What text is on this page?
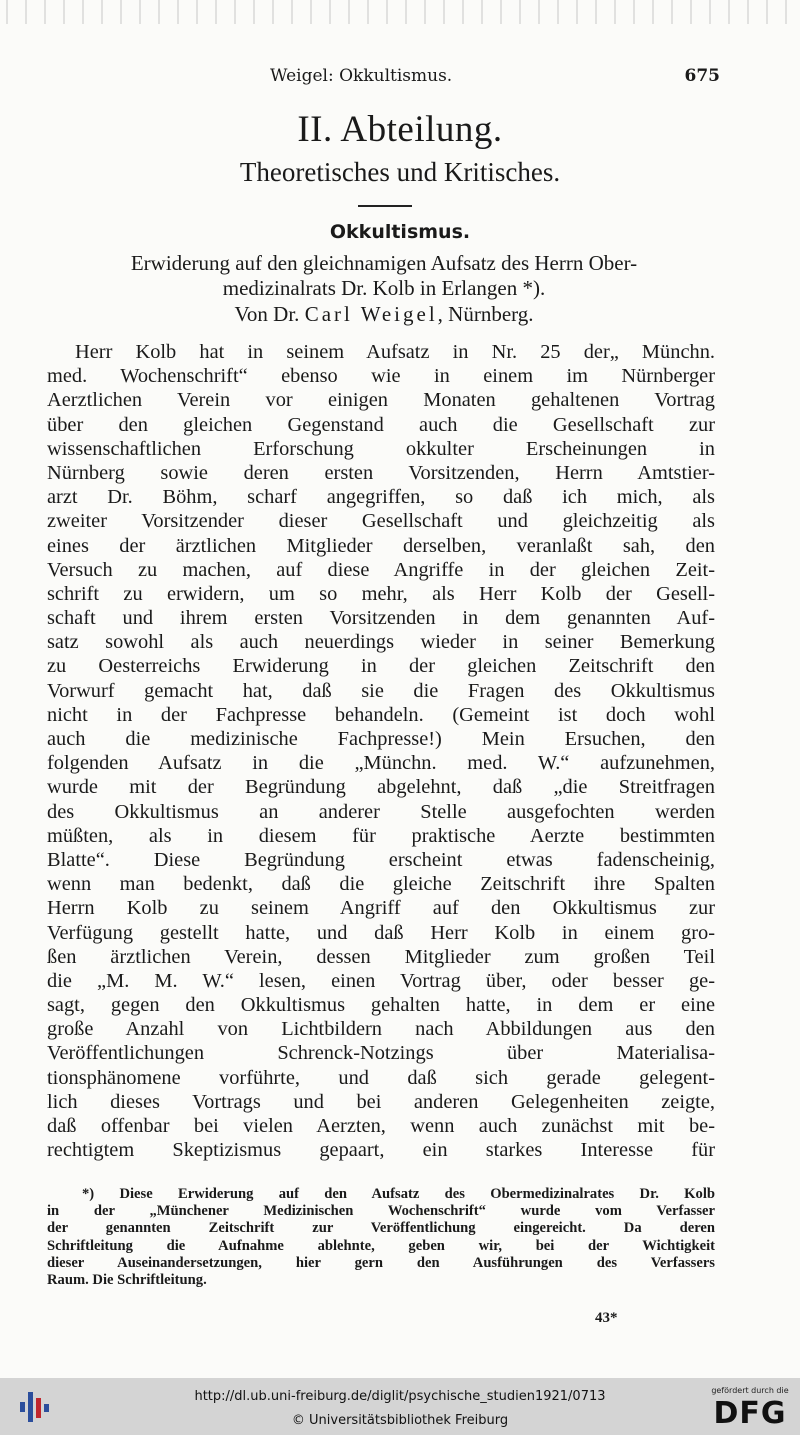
Weigel: Okkultismus.	675
II. Abteilung.
Theoretisches und Kritisches.
Okkultismus.
Erwiderung auf den gleichnamigen Aufsatz des Herrn Ober-
medizinalrats Dr. Kolb in Erlangen *).
Von Dr. Carl Weigel, Nürnberg.
Herr Kolb hat in seinem Aufsatz in Nr. 25 der„ Münchn.
med. Wochenschrift“ ebenso wie in einem im Nürnberger
Aerztlichen Verein vor einigen Monaten gehaltenen Vortrag
über den gleichen Gegenstand auch die Gesellschaft zur
wissenschaftlichen Erforschung okkulter Erscheinungen in
Nürnberg sowie deren ersten Vorsitzenden, Herrn Amtstier-
arzt Dr. Böhm, scharf angegriffen, so daß ich mich, als
zweiter Vorsitzender dieser Gesellschaft und gleichzeitig als
eines der ärztlichen Mitglieder derselben, veranlaßt sah, den
Versuch zu machen, auf diese Angriffe in der gleichen Zeit-
schrift zu erwidern, um so mehr, als Herr Kolb der Gesell-
schaft und ihrem ersten Vorsitzenden in dem genannten Auf-
satz sowohl als auch neuerdings wieder in seiner Bemerkung
zu Oesterreichs Erwiderung in der gleichen Zeitschrift den
Vorwurf gemacht hat, daß sie die Fragen des Okkultismus
nicht in der Fachpresse behandeln. (Gemeint ist doch wohl
auch die medizinische Fachpresse!) Mein Ersuchen, den
folgenden Aufsatz in die „Münchn. med. W.“ aufzunehmen,
wurde mit der Begründung abgelehnt, daß „die Streitfragen
des Okkultismus an anderer Stelle ausgefochten werden
müßten, als in diesem für praktische Aerzte bestimmten
Blatte“. Diese Begründung erscheint etwas fadenscheinig,
wenn man bedenkt, daß die gleiche Zeitschrift ihre Spalten
Herrn Kolb zu seinem Angriff auf den Okkultismus zur
Verfügung gestellt hatte, und daß Herr Kolb in einem gro-
ßen ärztlichen Verein, dessen Mitglieder zum großen Teil
die „M. M. W.“ lesen, einen Vortrag über, oder besser ge-
sagt, gegen den Okkultismus gehalten hatte, in dem er eine
große Anzahl von Lichtbildern nach Abbildungen aus den
Veröffentlichungen Schrenck-Notzings über Materialisa-
tionsphänomene vorführte, und daß sich gerade gelegent-
lich dieses Vortrags und bei anderen Gelegenheiten zeigte,
daß offenbar bei vielen Aerzten, wenn auch zunächst mit be-
rechtigtem Skeptizismus gepaart, ein starkes Interesse für
*) Diese Erwiderung auf den Aufsatz des Obermedizinalrates Dr. Kolb
in der „Münchener Medizinischen Wochenschrift“ wurde vom Verfasser
der genannten Zeitschrift zur Veröffentlichung eingereicht. Da deren
Schriftleitung die Aufnahme ablehnte, geben wir, bei der Wichtigkeit
dieser Auseinandersetzungen, hier gern den Ausführungen des Verfassers
Raum. Die Schriftleitung.
43*
http://dl.ub.uni-freiburg.de/diglit/psychische_studien1921/0713
© Universitätsbibliothek Freiburg
gefördert durch die
DFG
